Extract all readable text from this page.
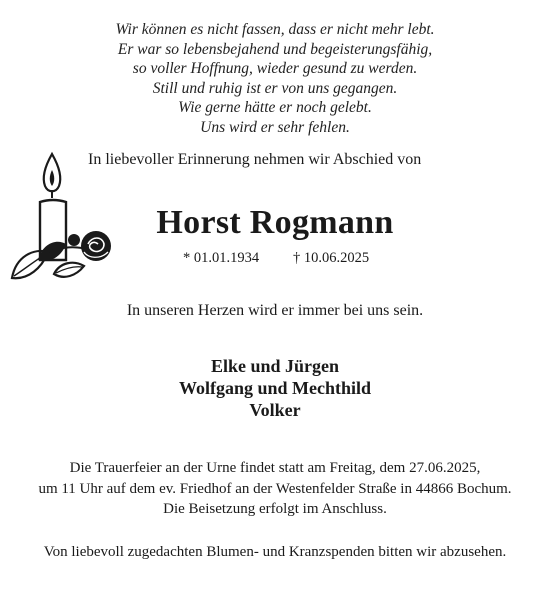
Wir können es nicht fassen, dass er nicht mehr lebt.
Er war so lebensbejahend und begeisterungsfähig,
so voller Hoffnung, wieder gesund zu werden.
Still und ruhig ist er von uns gegangen.
Wie gerne hätte er noch gelebt.
Uns wird er sehr fehlen.
In liebevoller Erinnerung nehmen wir Abschied von
Horst Rogmann
* 01.01.1934 † 10.06.2025
In unseren Herzen wird er immer bei uns sein.
Elke und Jürgen
Wolfgang und Mechthild
Volker
Die Trauerfeier an der Urne findet statt am Freitag, dem 27.06.2025,
um 11 Uhr auf dem ev. Friedhof an der Westenfelder Straße in 44866 Bochum.
Die Beisetzung erfolgt im Anschluss.
Von liebevoll zugedachten Blumen- und Kranzspenden bitten wir abzusehen.
